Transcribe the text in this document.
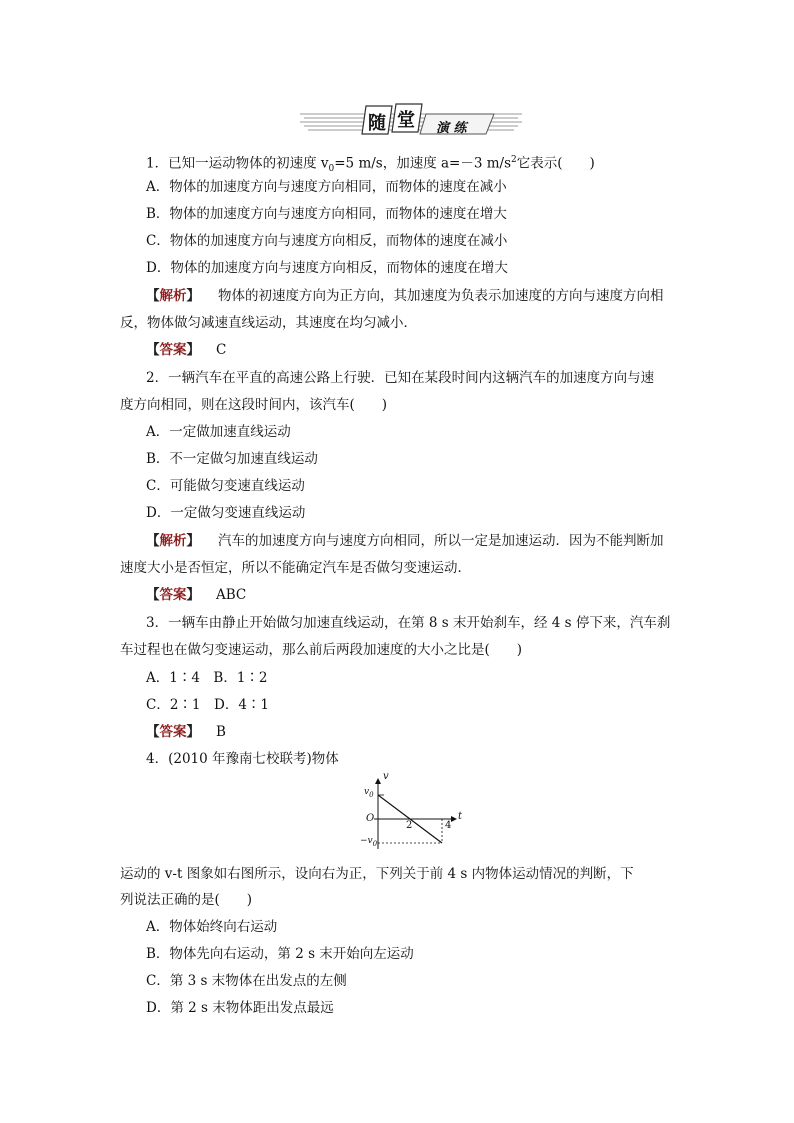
随 堂 演 练
1．已知一运动物体的初速度 $v_0=5$ m/s，加速度 a=－3 $m/s^2$它表示(　　)
A．物体的加速度方向与速度方向相同，而物体的速度在减小
B．物体的加速度方向与速度方向相同，而物体的速度在增大
C．物体的加速度方向与速度方向相反，而物体的速度在减小
D．物体的加速度方向与速度方向相反，而物体的速度在增大
【解析】 物体的初速度方向为正方向，其加速度为负表示加速度的方向与速度方向相
反，物体做匀减速直线运动，其速度在均匀减小．
【答案】 C
2．一辆汽车在平直的高速公路上行驶．已知在某段时间内这辆汽车的加速度方向与速
度方向相同，则在这段时间内，该汽车(　　)
A．一定做加速直线运动
B．不一定做匀加速直线运动
C．可能做匀变速直线运动
D．一定做匀变速直线运动
【解析】 汽车的加速度方向与速度方向相同，所以一定是加速运动．因为不能判断加
速度大小是否恒定，所以不能确定汽车是否做匀变速运动．
【答案】 ABC
3．一辆车由静止开始做匀加速直线运动，在第 8 s 末开始刹车，经 4 s 停下来，汽车刹
车过程也在做匀变速运动，那么前后两段加速度的大小之比是(　　)
A．1∶4　B．1∶2
C．2∶1　D．4∶1
【答案】 B
4．(2010 年豫南七校联考)物体
v
t
O
$v_0$
$-v_0$
2	4
运动的 v-t 图象如右图所示，设向右为正，下列关于前 4 s 内物体运动情况的判断，下
列说法正确的是(　　)
A．物体始终向右运动
B．物体先向右运动，第 2 s 末开始向左运动
C．第 3 s 末物体在出发点的左侧
D．第 2 s 末物体距出发点最远
